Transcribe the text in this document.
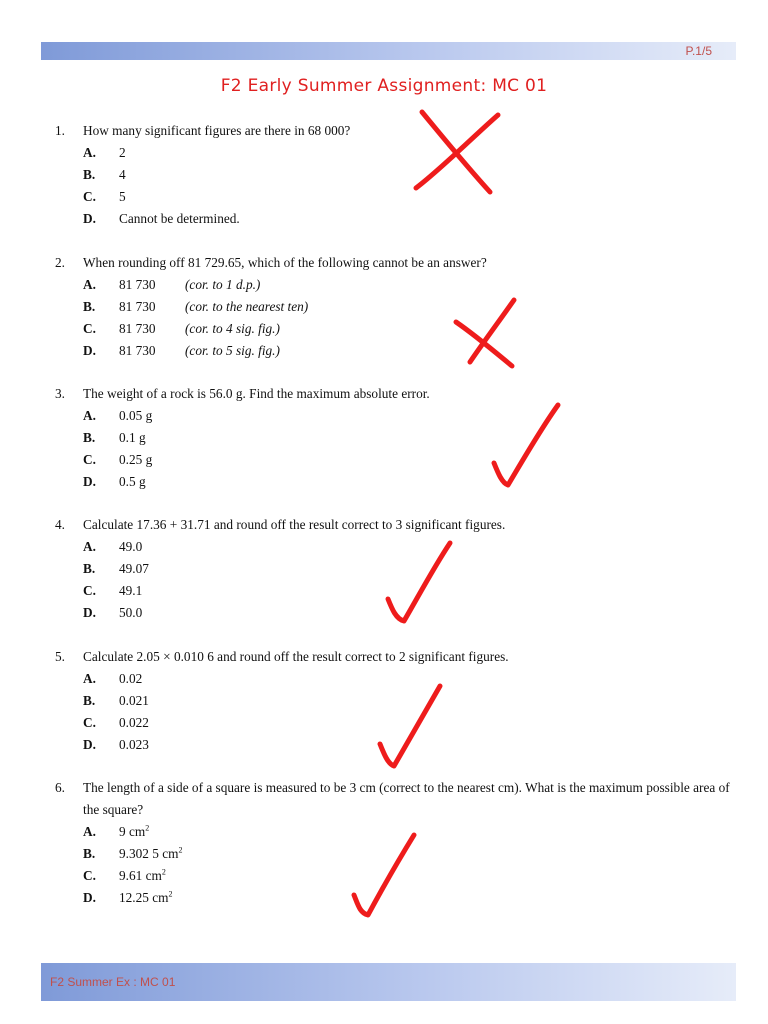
P.1/5
F2 Early Summer Assignment: MC 01
1.	How many significant figures are there in 68 000?
A.	2
B.	4
C.	5
D.	Cannot be determined.
2.	When rounding off 81 729.65, which of the following cannot be an answer?
A.	81 730	(cor. to 1 d.p.)
B.	81 730	(cor. to the nearest ten)
C.	81 730	(cor. to 4 sig. fig.)
D.	81 730	(cor. to 5 sig. fig.)
3.	The weight of a rock is 56.0 g. Find the maximum absolute error.
A.	0.05 g
B.	0.1 g
C.	0.25 g
D.	0.5 g
4.	Calculate 17.36 + 31.71 and round off the result correct to 3 significant figures.
A.	49.0
B.	49.07
C.	49.1
D.	50.0
5.	Calculate 2.05 × 0.010 6 and round off the result correct to 2 significant figures.
A.	0.02
B.	0.021
C.	0.022
D.	0.023
6.	The length of a side of a square is measured to be 3 cm (correct to the nearest cm). What is the maximum possible area of the square?
A.	9 $cm^2$
B.	9.302 5 $cm^2$
C.	9.61 $cm^2$
D.	12.25 $cm^2$
F2 Summer Ex : MC 01
